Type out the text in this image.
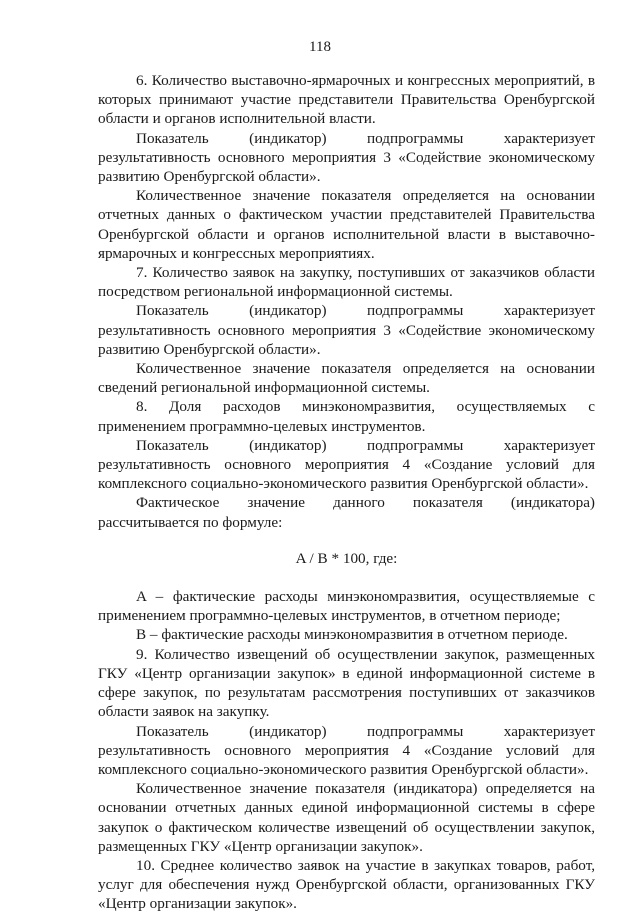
118

6. Количество выставочно-ярмарочных и конгрессных мероприятий, в которых принимают участие представители Правительства Оренбургской области и органов исполнительной власти.

Показатель (индикатор) подпрограммы характеризует результативность основного мероприятия 3 «Содействие экономическому развитию Оренбургской области».

Количественное значение показателя определяется на основании отчетных данных о фактическом участии представителей Правительства Оренбургской области и органов исполнительной власти в выставочно-ярмарочных и конгрессных мероприятиях.

7. Количество заявок на закупку, поступивших от заказчиков области посредством региональной информационной системы.

Показатель (индикатор) подпрограммы характеризует результативность основного мероприятия 3 «Содействие экономическому развитию Оренбургской области».

Количественное значение показателя определяется на основании сведений региональной информационной системы.

8. Доля расходов минэкономразвития, осуществляемых с применением программно-целевых инструментов.

Показатель (индикатор) подпрограммы характеризует результативность основного мероприятия 4 «Создание условий для комплексного социально-экономического развития Оренбургской области».

Фактическое значение данного показателя (индикатора) рассчитывается по формуле:

A / B * 100, где:

A – фактические расходы минэкономразвития, осуществляемые с применением программно-целевых инструментов, в отчетном периоде;

B – фактические расходы минэкономразвития в отчетном периоде.

9. Количество извещений об осуществлении закупок, размещенных ГКУ «Центр организации закупок» в единой информационной системе в сфере закупок, по результатам рассмотрения поступивших от заказчиков области заявок на закупку.

Показатель (индикатор) подпрограммы характеризует результативность основного мероприятия 4 «Создание условий для комплексного социально-экономического развития Оренбургской области».

Количественное значение показателя (индикатора) определяется на основании отчетных данных единой информационной системы в сфере закупок о фактическом количестве извещений об осуществлении закупок, размещенных ГКУ «Центр организации закупок».

10. Среднее количество заявок на участие в закупках товаров, работ, услуг для обеспечения нужд Оренбургской области, организованных ГКУ «Центр организации закупок».
